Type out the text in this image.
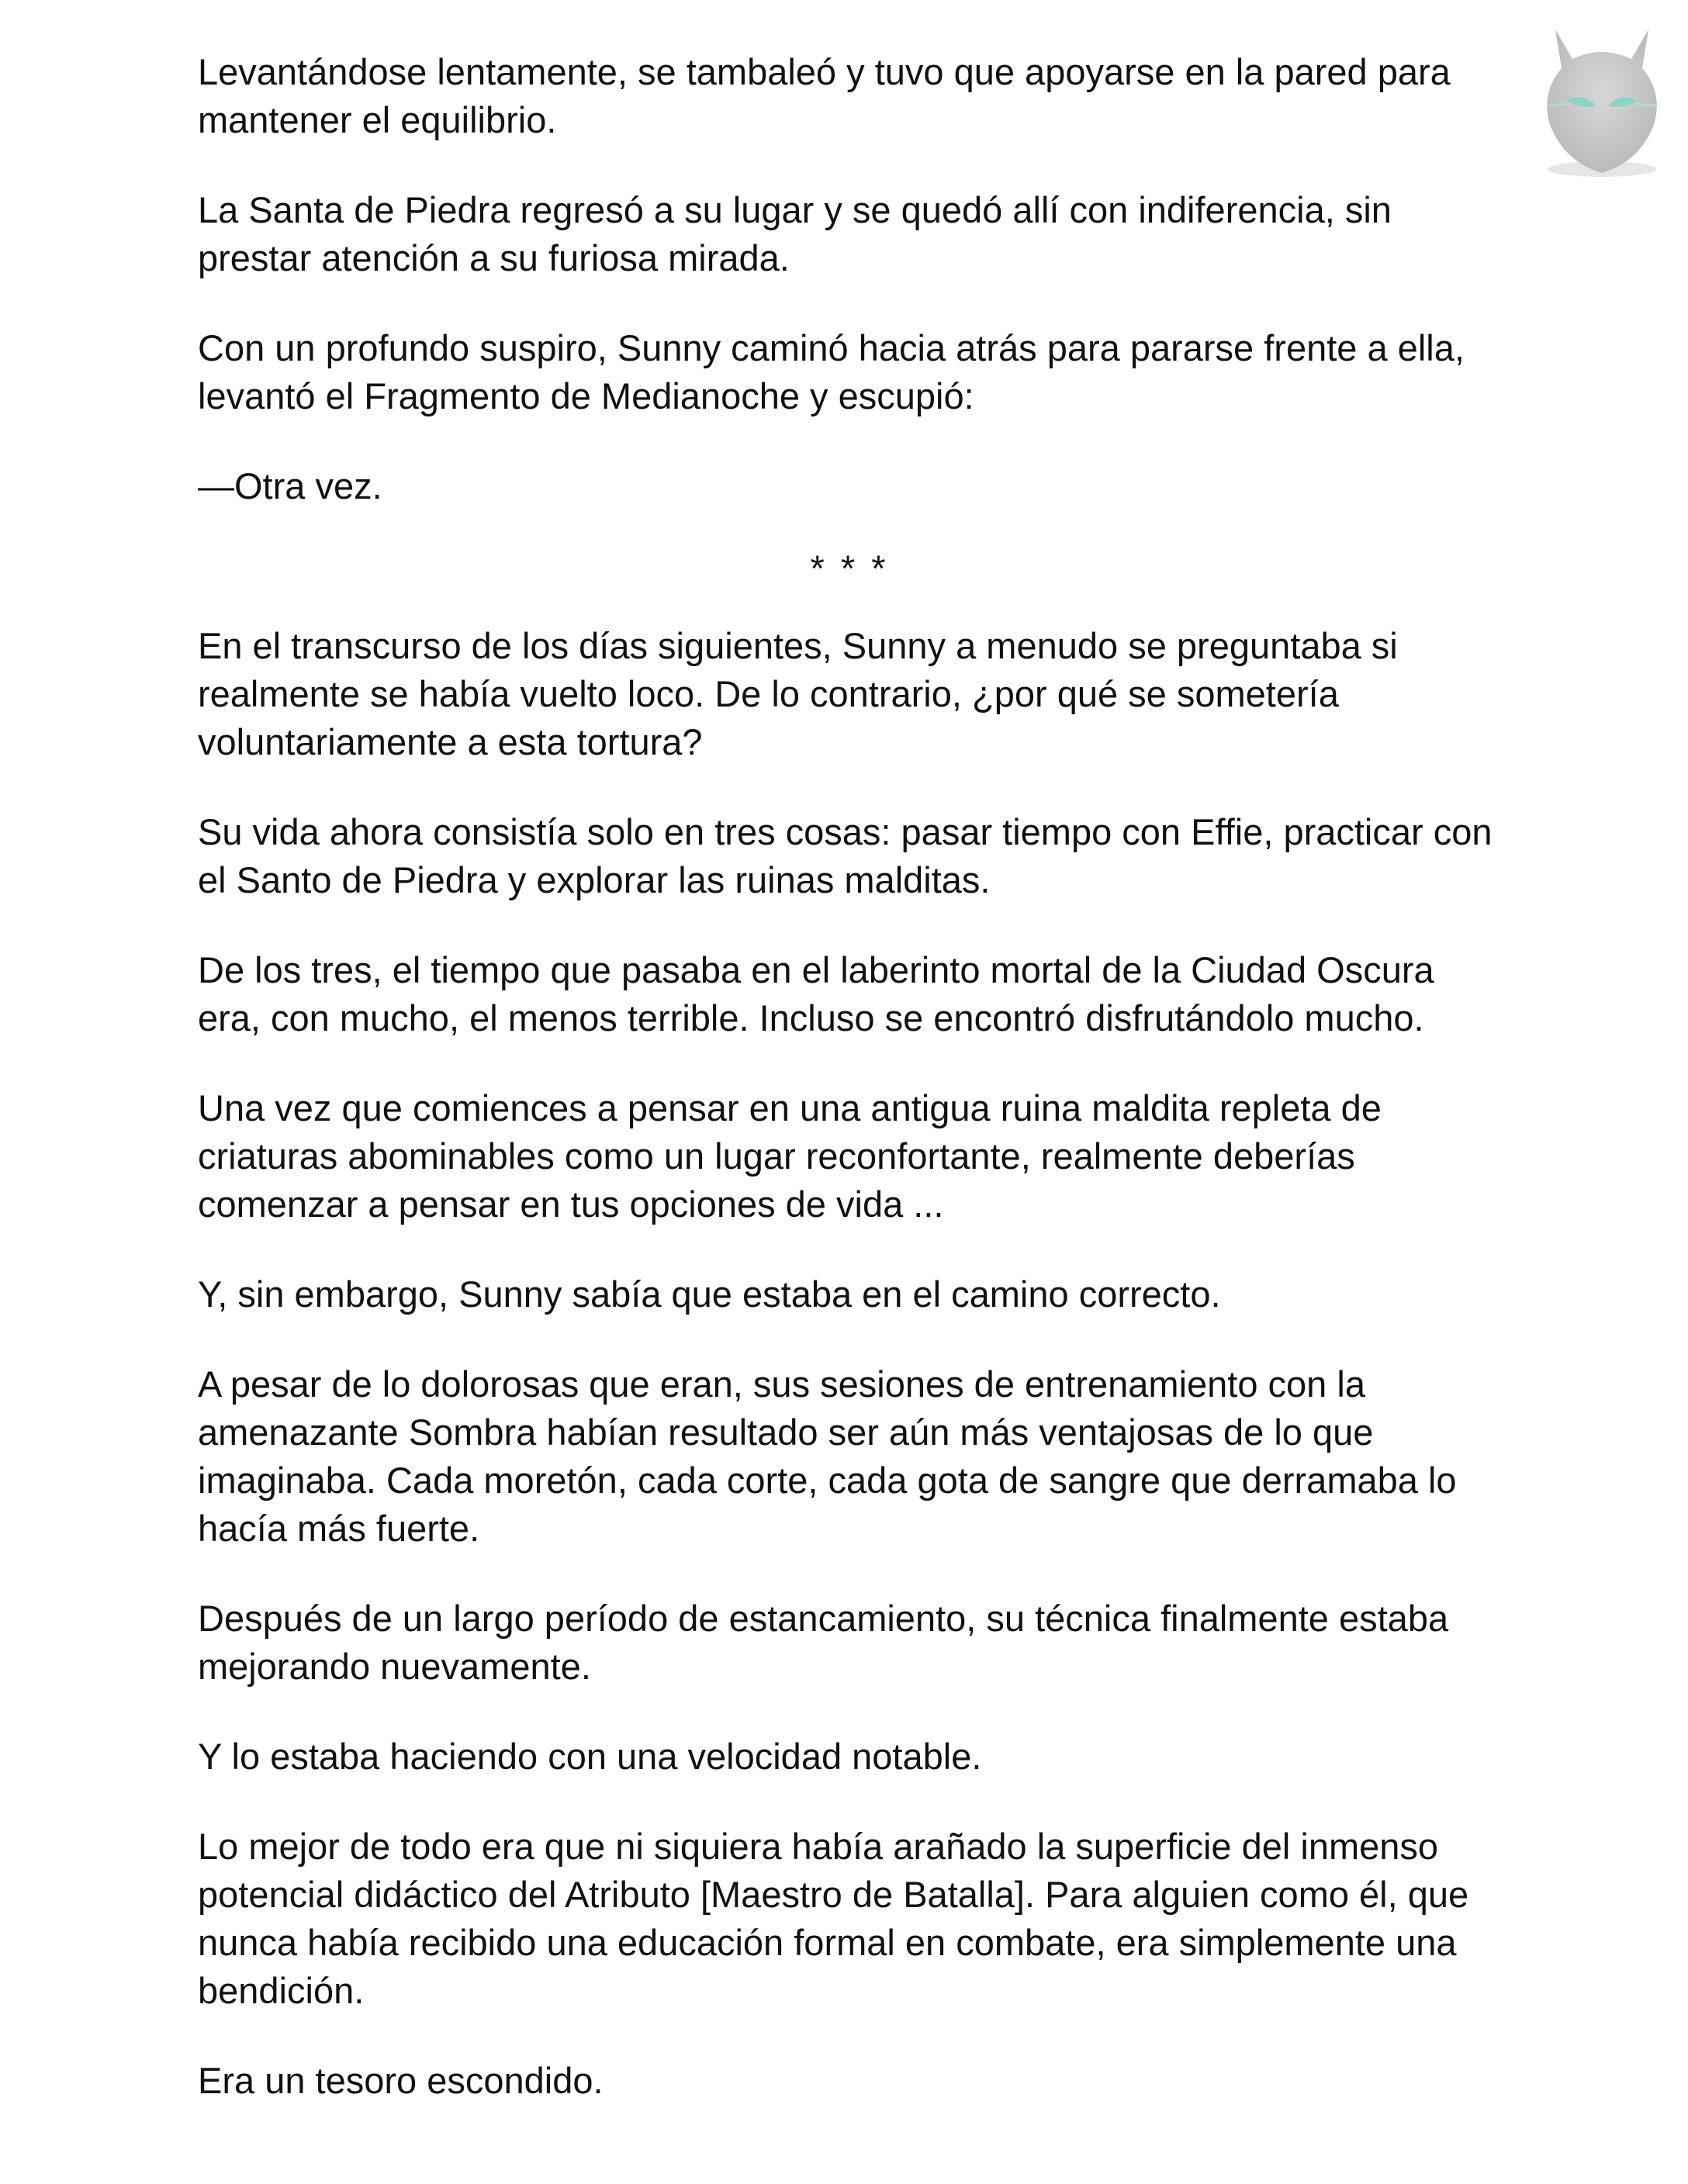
Levantándose lentamente, se tambaleó y tuvo que apoyarse en la pared para mantener el equilibrio.

La Santa de Piedra regresó a su lugar y se quedó allí con indiferencia, sin prestar atención a su furiosa mirada.

Con un profundo suspiro, Sunny caminó hacia atrás para pararse frente a ella, levantó el Fragmento de Medianoche y escupió:

—Otra vez.

* * *

En el transcurso de los días siguientes, Sunny a menudo se preguntaba si realmente se había vuelto loco. De lo contrario, ¿por qué se sometería voluntariamente a esta tortura?

Su vida ahora consistía solo en tres cosas: pasar tiempo con Effie, practicar con el Santo de Piedra y explorar las ruinas malditas.

De los tres, el tiempo que pasaba en el laberinto mortal de la Ciudad Oscura era, con mucho, el menos terrible. Incluso se encontró disfrutándolo mucho.

Una vez que comiences a pensar en una antigua ruina maldita repleta de criaturas abominables como un lugar reconfortante, realmente deberías comenzar a pensar en tus opciones de vida ...

Y, sin embargo, Sunny sabía que estaba en el camino correcto.

A pesar de lo dolorosas que eran, sus sesiones de entrenamiento con la amenazante Sombra habían resultado ser aún más ventajosas de lo que imaginaba. Cada moretón, cada corte, cada gota de sangre que derramaba lo hacía más fuerte.

Después de un largo período de estancamiento, su técnica finalmente estaba mejorando nuevamente.

Y lo estaba haciendo con una velocidad notable.

Lo mejor de todo era que ni siquiera había arañado la superficie del inmenso potencial didáctico del Atributo [Maestro de Batalla]. Para alguien como él, que nunca había recibido una educación formal en combate, era simplemente una bendición.

Era un tesoro escondido.
